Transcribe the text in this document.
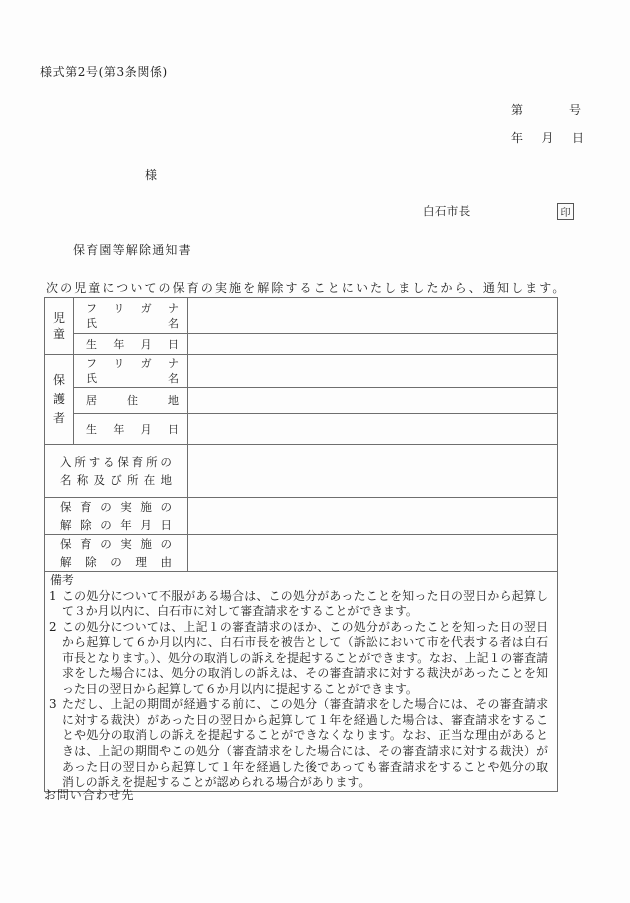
様式第2号(第3条関係)
第	号
年 月 日
様
白石市長	印
保育園等解除通知書
次の児童についての保育の実施を解除することにいたしましたから、通知します。
児
童

フ リ ガ ナ
氏	名

	生 年 月 日	

保
護
者

フ リ ガ ナ
氏	名

	居 住 地	

	生 年 月 日	

入 所 す る 保 育 所 の
名 称 及 び 所 在 地

保 育 の 実 施 の
解 除 の 年 月 日

保 育 の 実 施 の
解 除 の 理 由

備考
1 この処分について不服がある場合は、この処分があったことを知った日の翌日から起算して３か月以内に、白石市に対して審査請求をすることができます。
2 この処分については、上記１の審査請求のほか、この処分があったことを知った日の翌日から起算して６か月以内に、白石市長を被告として（訴訟において市を代表する者は白石市長となります。）、処分の取消しの訴えを提起することができます。なお、上記１の審査請求をした場合には、処分の取消しの訴えは、その審査請求に対する裁決があったことを知った日の翌日から起算して６か月以内に提起することができます。
3 ただし、上記の期間が経過する前に、この処分（審査請求をした場合には、その審査請求に対する裁決）があった日の翌日から起算して１年を経過した場合は、審査請求をすることや処分の取消しの訴えを提起することができなくなります。なお、正当な理由があるときは、上記の期間やこの処分（審査請求をした場合には、その審査請求に対する裁決）があった日の翌日から起算して１年を経過した後であっても審査請求をすることや処分の取消しの訴えを提起することが認められる場合があります。
お問い合わせ先
